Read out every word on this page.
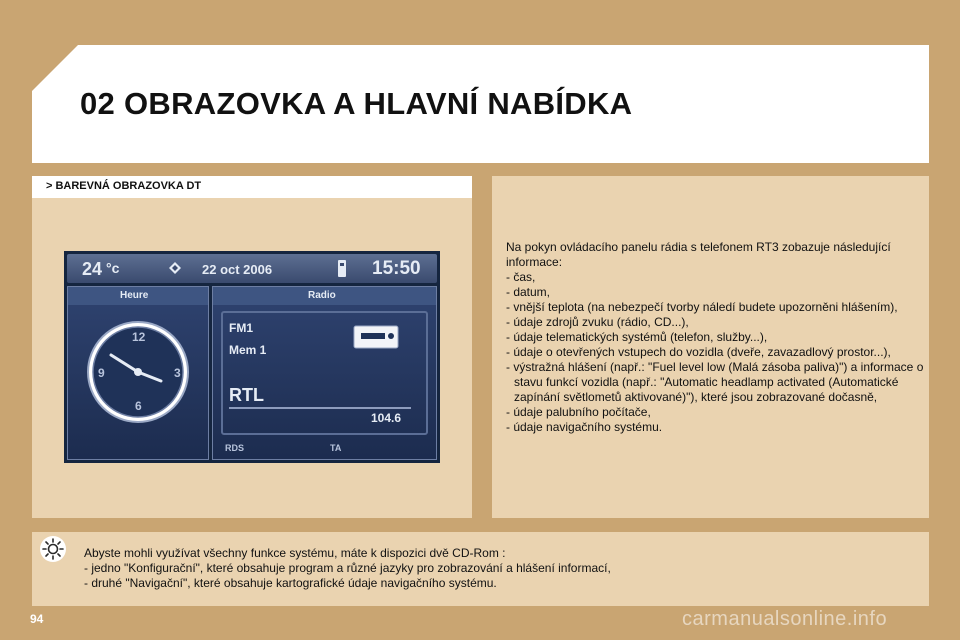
02 OBRAZOVKA A HLAVNÍ NABÍDKA
> BAREVNÁ OBRAZOVKA DT
24 °c	22 oct 2006	15:50
Heure
12
3
6
9
Radio
FM1
Mem 1
RTL
104.6
RDS	TA

Na pokyn ovládacího panelu rádia s telefonem RT3 zobazuje následující informace:

- čas,
- datum,
- vnější teplota (na nebezpečí tvorby náledí budete upozorněni hlášením),
- údaje zdrojů zvuku (rádio, CD...),
- údaje telematických systémů (telefon, služby...),
- údaje o otevřených vstupech do vozidla (dveře, zavazadlový prostor...),
- výstražná hlášení (např.: "Fuel level low (Malá zásoba paliva)") a informace o stavu funkcí vozidla (např.: "Automatic headlamp activated (Automatické zapínání světlometů aktivované)"), které jsou zobrazované dočasně,
- údaje palubního počítače,
- údaje navigačního systému.

Abyste mohli využívat všechny funkce systému, máte k dispozici dvě CD-Rom :

- jedno "Konfigurační", které obsahuje program a různé jazyky pro zobrazování a hlášení informací,
- druhé "Navigační", které obsahuje kartografické údaje navigačního systému.
94	carmanualsonline.info
